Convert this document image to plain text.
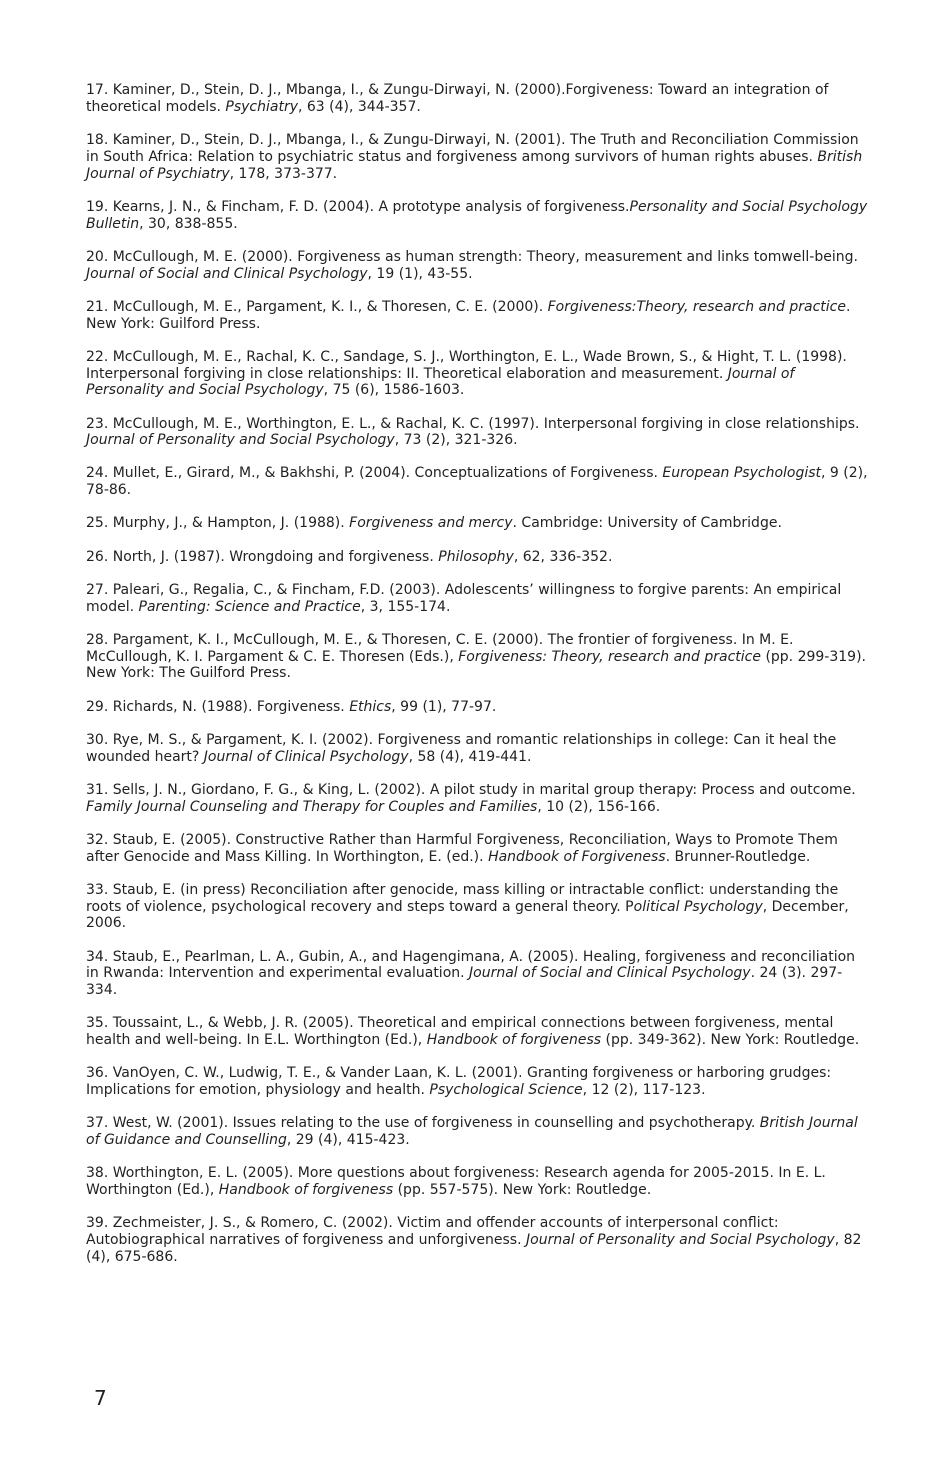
17. Kaminer, D., Stein, D. J., Mbanga, I., & Zungu-Dirwayi, N. (2000).Forgiveness: Toward an integration of theoretical models. Psychiatry, 63 (4), 344-357.
18. Kaminer, D., Stein, D. J., Mbanga, I., & Zungu-Dirwayi, N. (2001). The Truth and Reconciliation Commission in South Africa: Relation to psychiatric status and forgiveness among survivors of human rights abuses. British Journal of Psychiatry, 178, 373-377.
19. Kearns, J. N., & Fincham, F. D. (2004). A prototype analysis of forgiveness.Personality and Social Psychology Bulletin, 30, 838-855.
20. McCullough, M. E. (2000). Forgiveness as human strength: Theory, measurement and links tomwell-being. Journal of Social and Clinical Psychology, 19 (1), 43-55.
21. McCullough, M. E., Pargament, K. I., & Thoresen, C. E. (2000). Forgiveness:Theory, research and practice. New York: Guilford Press.
22. McCullough, M. E., Rachal, K. C., Sandage, S. J., Worthington, E. L., Wade Brown, S., & Hight, T. L. (1998). Interpersonal forgiving in close relationships: II. Theoretical elaboration and measurement. Journal of Personality and Social Psychology, 75 (6), 1586-1603.
23. McCullough, M. E., Worthington, E. L., & Rachal, K. C. (1997). Interpersonal forgiving in close relationships. Journal of Personality and Social Psychology, 73 (2), 321-326.
24. Mullet, E., Girard, M., & Bakhshi, P. (2004). Conceptualizations of Forgiveness. European Psychologist, 9 (2), 78-86.
25. Murphy, J., & Hampton, J. (1988). Forgiveness and mercy. Cambridge: University of Cambridge.
26. North, J. (1987). Wrongdoing and forgiveness. Philosophy, 62, 336-352.
27. Paleari, G., Regalia, C., & Fincham, F.D. (2003). Adolescents’ willingness to forgive parents: An empirical model. Parenting: Science and Practice, 3, 155-174.
28. Pargament, K. I., McCullough, M. E., & Thoresen, C. E. (2000). The frontier of forgiveness. In M. E. McCullough, K. I. Pargament & C. E. Thoresen (Eds.), Forgiveness: Theory, research and practice (pp. 299-319). New York: The Guilford Press.
29. Richards, N. (1988). Forgiveness. Ethics, 99 (1), 77-97.
30. Rye, M. S., & Pargament, K. I. (2002). Forgiveness and romantic relationships in college: Can it heal the wounded heart? Journal of Clinical Psychology, 58 (4), 419-441.
31. Sells, J. N., Giordano, F. G., & King, L. (2002). A pilot study in marital group therapy: Process and outcome. Family Journal Counseling and Therapy for Couples and Families, 10 (2), 156-166.
32. Staub, E. (2005). Constructive Rather than Harmful Forgiveness, Reconciliation, Ways to Promote Them after Genocide and Mass Killing. In Worthington, E. (ed.). Handbook of Forgiveness. Brunner-Routledge.
33. Staub, E. (in press) Reconciliation after genocide, mass killing or intractable conflict: understanding the roots of violence, psychological recovery and steps toward a general theory. Political Psychology, December, 2006.
34. Staub, E., Pearlman, L. A., Gubin, A., and Hagengimana, A. (2005). Healing, forgiveness and reconciliation in Rwanda: Intervention and experimental evaluation. Journal of Social and Clinical Psychology. 24 (3). 297-334.
35. Toussaint, L., & Webb, J. R. (2005). Theoretical and empirical connections between forgiveness, mental health and well-being. In E.L. Worthington (Ed.), Handbook of forgiveness (pp. 349-362). New York: Routledge.
36. VanOyen, C. W., Ludwig, T. E., & Vander Laan, K. L. (2001). Granting forgiveness or harboring grudges: Implications for emotion, physiology and health. Psychological Science, 12 (2), 117-123.
37. West, W. (2001). Issues relating to the use of forgiveness in counselling and psychotherapy. British Journal of Guidance and Counselling, 29 (4), 415-423.
38. Worthington, E. L. (2005). More questions about forgiveness: Research agenda for 2005-2015. In E. L. Worthington (Ed.), Handbook of forgiveness (pp. 557-575). New York: Routledge.
39. Zechmeister, J. S., & Romero, C. (2002). Victim and offender accounts of interpersonal conflict: Autobiographical narratives of forgiveness and unforgiveness. Journal of Personality and Social Psychology, 82 (4), 675-686.
7
